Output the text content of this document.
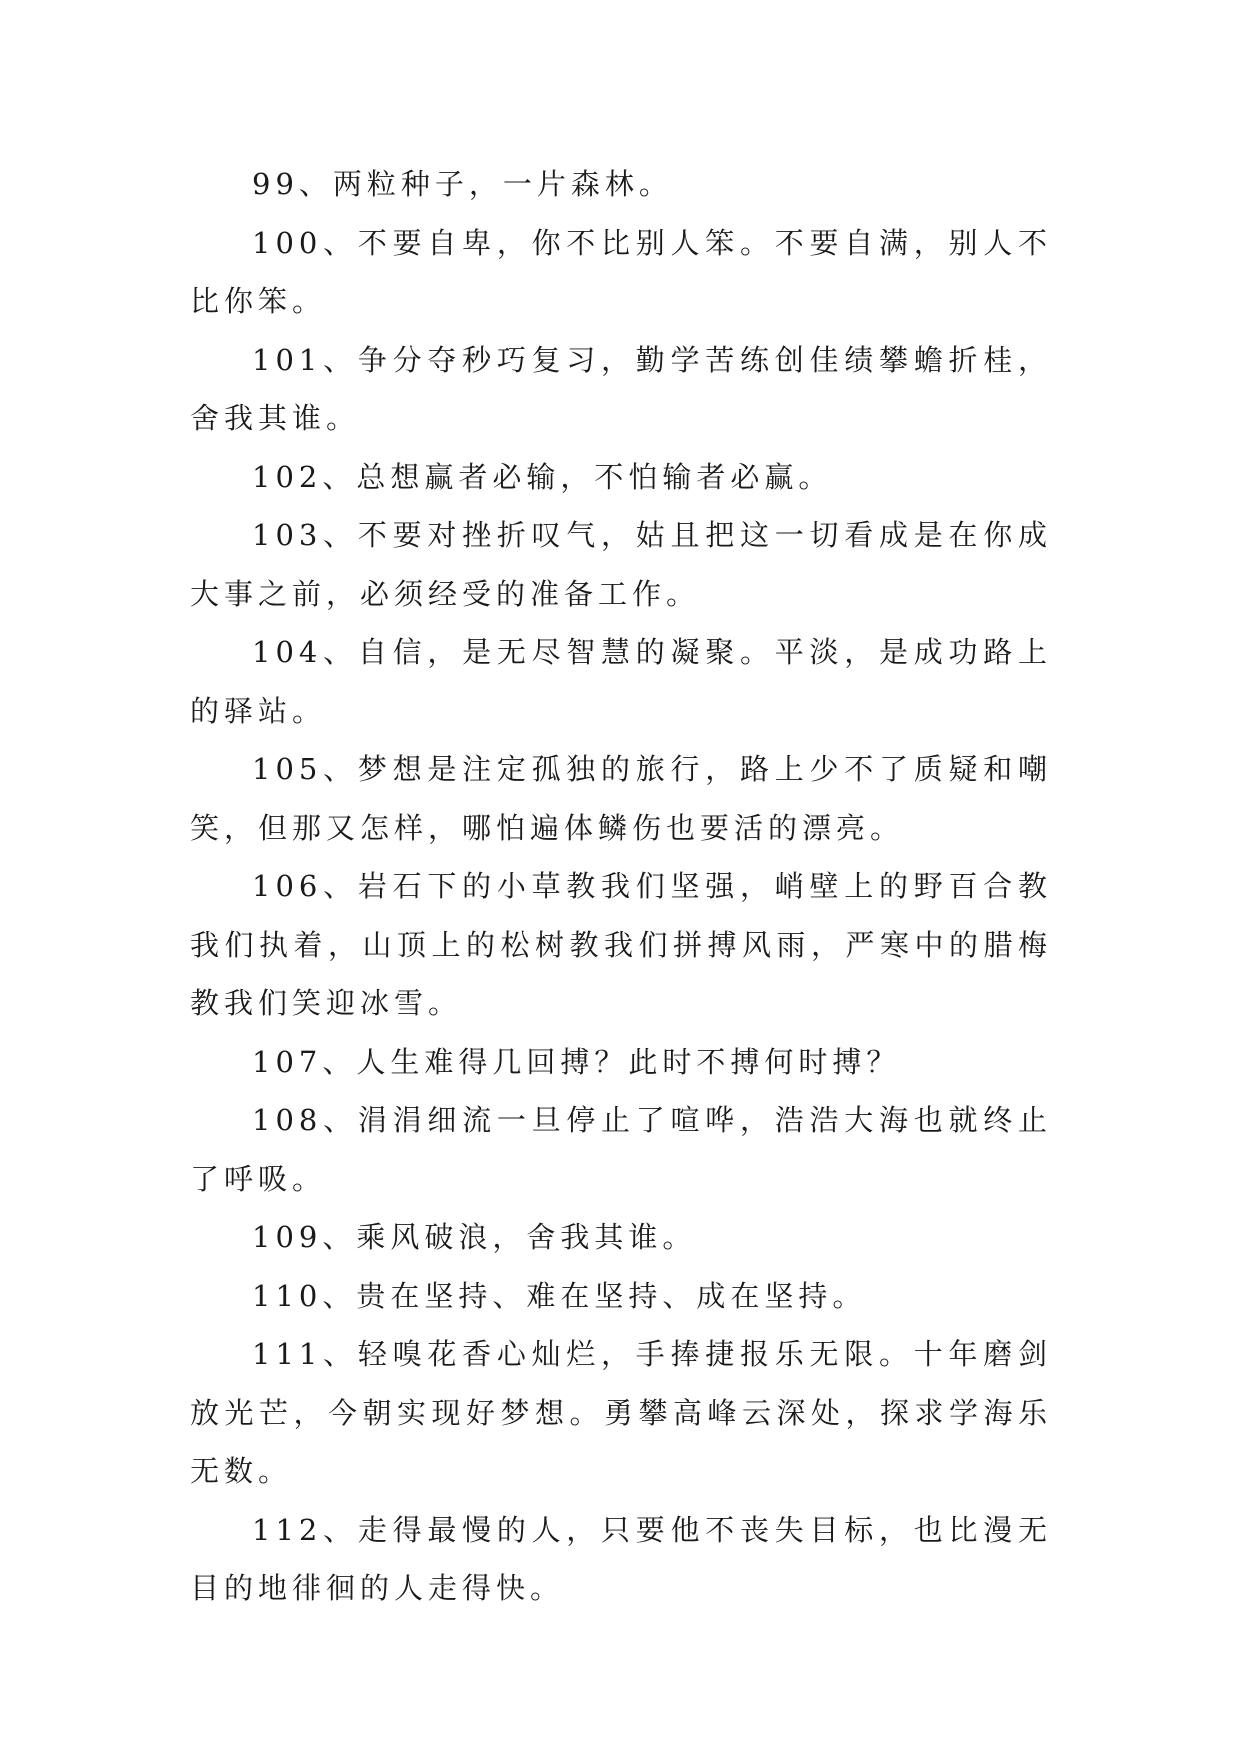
99、两粒种子，一片森林。

100、不要自卑，你不比别人笨。不要自满，别人不比你笨。

101、争分夺秒巧复习，勤学苦练创佳绩攀蟾折桂，舍我其谁。

102、总想赢者必输，不怕输者必赢。

103、不要对挫折叹气，姑且把这一切看成是在你成大事之前，必须经受的准备工作。

104、自信，是无尽智慧的凝聚。平淡，是成功路上的驿站。

105、梦想是注定孤独的旅行，路上少不了质疑和嘲笑，但那又怎样，哪怕遍体鳞伤也要活的漂亮。

106、岩石下的小草教我们坚强，峭壁上的野百合教我们执着，山顶上的松树教我们拼搏风雨，严寒中的腊梅教我们笑迎冰雪。

107、人生难得几回搏？此时不搏何时搏？

108、涓涓细流一旦停止了喧哗，浩浩大海也就终止了呼吸。

109、乘风破浪，舍我其谁。

110、贵在坚持、难在坚持、成在坚持。

111、轻嗅花香心灿烂，手捧捷报乐无限。十年磨剑放光芒，今朝实现好梦想。勇攀高峰云深处，探求学海乐无数。

112、走得最慢的人，只要他不丧失目标，也比漫无目的地徘徊的人走得快。
